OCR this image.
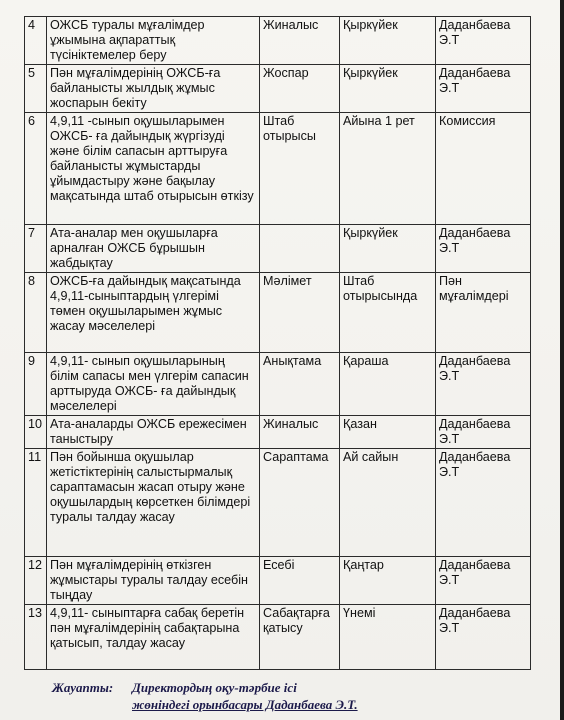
4	ОЖСБ туралы мұғалімдер ұжымына ақпараттық түсініктемелер беру	Жиналыс	Қыркүйек	Даданбаева Э.Т
5	Пән мұғалімдерінің ОЖСБ-ға байланысты жылдық жұмыс жоспарын бекіту	Жоспар	Қыркүйек	Даданбаева Э.Т
6	4,9,11 -сынып оқушыларымен ОЖСБ- ға дайындық жүргізуді және білім сапасын арттыруға байланысты жұмыстарды ұйымдастыру және бақылау мақсатында штаб отырысын өткізу	Штаб отырысы	Айына 1 рет	Комиссия
7	Ата-аналар мен оқушыларға арналған ОЖСБ бұрышын жабдықтау		Қыркүйек	Даданбаева Э.Т
8	ОЖСБ-ға дайындық мақсатында 4,9,11-сыныптардың үлгерімі төмен оқушыларымен жұмыс жасау мәселелері	Мәлімет	Штаб отырысында	Пән мұғалімдері
9	4,9,11- сынып оқушыларының білім сапасы мен үлгерім сапасин арттыруда ОЖСБ- ға дайындық мәселелері	Анықтама	Қараша	Даданбаева Э.Т
10	Ата-аналарды ОЖСБ ережесімен таныстыру	Жиналыс	Қазан	Даданбаева Э.Т
11	Пән бойынша оқушылар жетістіктерінің салыстырмалық сараптамасын жасап отыру және оқушылардың көрсеткен білімдері туралы талдау жасау	Сараптама	Ай сайын	Даданбаева Э.Т
12	Пән мұғалімдерінің өткізген жұмыстары туралы талдау есебін тыңдау	Есебі	Қаңтар	Даданбаева Э.Т
13	4,9,11- сыныптарға сабақ беретін пән мұғалімдерінің сабақтарына қатысып, талдау жасау	Сабақтарға қатысу	Үнемі	Даданбаева Э.Т
Жауапты: Директордың оқу-тәрбие ісі
жөніндегі орынбасары Даданбаева Э.Т.
